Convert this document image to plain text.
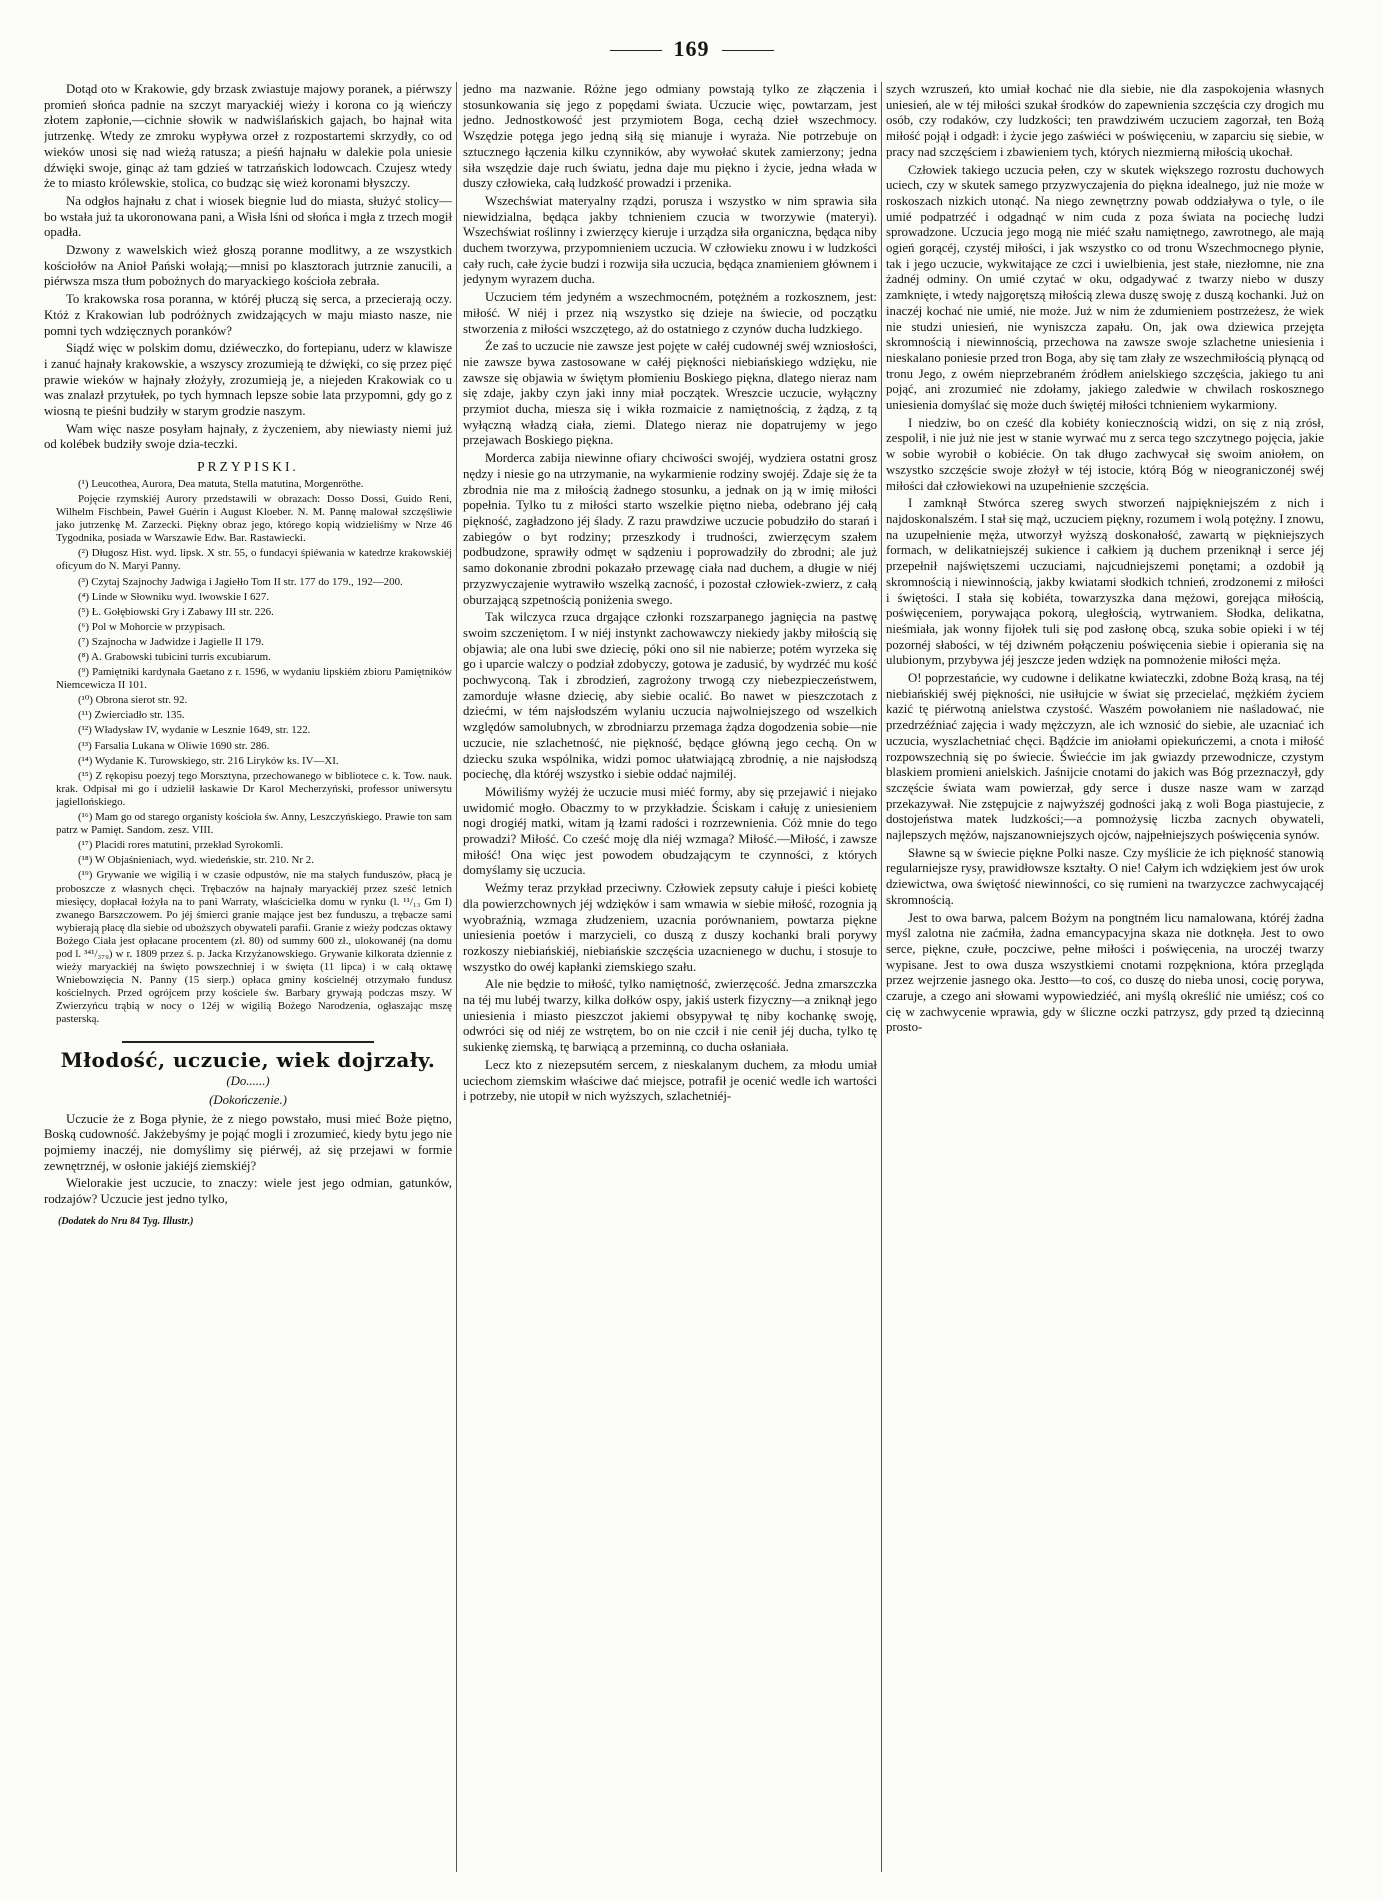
169

Dotąd oto w Krakowie, gdy brzask zwiastuje majowy poranek, a piérwszy promień słońca padnie na szczyt maryackiéj wieży i korona co ją wieńczy złotem zapłonie,—cichnie słowik w nadwiślańskich gajach, bo hajnał wita jutrzenkę. Wtedy ze zmroku wypływa orzeł z rozpostartemi skrzydły, co od wieków unosi się nad wieżą ratusza; a pieśń hajnału w dalekie pola uniesie dźwięki swoje, ginąc aż tam gdzieś w tatrzańskich lodowcach. Czujesz wtedy że to miasto królewskie, stolica, co budząc się wież koronami błyszczy.

Na odgłos hajnału z chat i wiosek biegnie lud do miasta, służyć stolicy—bo wstała już ta ukoronowana pani, a Wisła lśni od słońca i mgła z trzech mogił opadła.

Dzwony z wawelskich wież głoszą poranne modlitwy, a ze wszystkich kościołów na Anioł Pański wołają;—mnisi po klasztorach jutrznie zanucili, a piérwsza msza tłum pobożnych do maryackiego kościoła zebrała.

To krakowska rosa poranna, w któréj płuczą się serca, a przecierają oczy. Któż z Krakowian lub podróżnych zwidzających w maju miasto nasze, nie pomni tych wdzięcznych poranków?

Siądź więc w polskim domu, dziéweczko, do fortepianu, uderz w klawisze i zanuć hajnały krakowskie, a wszyscy zrozumieją te dźwięki, co się przez pięć prawie wieków w hajnały złożyły, zrozumieją je, a niejeden Krakowiak co u was znalazł przytułek, po tych hymnach lepsze sobie lata przypomni, gdy go z wiosną te pieśni budziły w starym grodzie naszym.

Wam więc nasze posyłam hajnały, z życzeniem, aby niewiasty niemi już od kolébek budziły swoje dzia-teczki.

PRZYPISKI.

(¹) Leucothea, Aurora, Dea matuta, Stella matutina, Morgenröthe.

Pojęcie rzymskiéj Aurory przedstawili w obrazach: Dosso Dossi, Guido Reni, Wilhelm Fischbein, Paweł Guérin i August Kloeber. N. M. Pannę malował szczęśliwie jako jutrzenkę M. Zarzecki. Piękny obraz jego, którego kopią widzieliśmy w Nrze 46 Tygodnika, posiada w Warszawie Edw. Bar. Rastawiecki.

(²) Długosz Hist. wyd. lipsk. X str. 55, o fundacyi śpiéwania w katedrze krakowskiéj oficyum do N. Maryi Panny.

(³) Czytaj Szajnochy Jadwiga i Jagiełło Tom II str. 177 do 179., 192—200.

(⁴) Linde w Słowniku wyd. lwowskie I 627.

(⁵) Ł. Gołębiowski Gry i Zabawy III str. 226.

(⁶) Pol w Mohorcie w przypisach.

(⁷) Szajnocha w Jadwidze i Jagielle II 179.

(⁸) A. Grabowski tubicini turris excubiarum.

(⁹) Pamiętniki kardynała Gaetano z r. 1596, w wydaniu lipskiém zbioru Pamiętników Niemcewicza II 101.

(¹⁰) Obrona sierot str. 92.

(¹¹) Zwierciadło str. 135.

(¹²) Władysław IV, wydanie w Lesznie 1649, str. 122.

(¹³) Farsalia Lukana w Oliwie 1690 str. 286.

(¹⁴) Wydanie K. Turowskiego, str. 216 Liryków ks. IV—XI.

(¹⁵) Z rękopisu poezyj tego Morsztyna, przechowanego w bibliotece c. k. Tow. nauk. krak. Odpisał mi go i udzielił łaskawie Dr Karol Mecherzyński, professor uniwersytu jagiellońskiego.

(¹⁶) Mam go od starego organisty kościoła św. Anny, Leszczyńskiego. Prawie ton sam patrz w Pamięt. Sandom. zesz. VIII.

(¹⁷) Placidi rores matutini, przekład Syrokomli.

(¹⁸) W Objaśnieniach, wyd. wiedeńskie, str. 210. Nr 2.

(¹⁹) Grywanie we wigilią i w czasie odpustów, nie ma stałych funduszów, płacą je proboszcze z własnych chęci. Trębaczów na hajnały maryackiéj przez sześć letnich miesięcy, dopłacał łożyła na to pani Warraty, właścicielka domu w rynku (l. ¹¹/₁₃ Gm I) zwanego Barszczowem. Po jéj śmierci granie mające jest bez funduszu, a trębacze sami wybierają płacę dla siebie od uboższych obywateli parafii. Granie z wieży podczas oktawy Bożego Ciała jest opłacane procentem (zł. 80) od summy 600 zł., ulokowanéj (na domu pod l. ³⁴¹/₃₇₉) w r. 1809 przez ś. p. Jacka Krzyżanowskiego. Grywanie kilkorata dziennie z wieży maryackiéj na święto powszechniej i w święta (11 lipca) i w całą oktawę Wniebowzięcia N. Panny (15 sierp.) opłaca gminy kościelnéj otrzymało fundusz kościelnych. Przed ogrójcem przy kościele św. Barbary grywają podczas mszy. W Zwierzyńcu trąbią w nocy o 12éj w wigilią Bożego Narodzenia, ogłaszając mszę pasterską.

Młodość, uczucie, wiek dojrzały.

(Do......)

(Dokończenie.)

Uczucie że z Boga płynie, że z niego powstało, musi mieć Boże piętno, Boską cudowność. Jakżebyśmy je pojąć mogli i zrozumieć, kiedy bytu jego nie pojmiemy inaczéj, nie domyślimy się piérwéj, aż się przejawi w formie zewnętrznéj, w osłonie jakiéjś ziemskiéj?

Wielorakie jest uczucie, to znaczy: wiele jest jego odmian, gatunków, rodzajów? Uczucie jest jedno tylko,

(Dodatek do Nru 84 Tyg. Illustr.)

jedno ma nazwanie. Różne jego odmiany powstają tylko ze złączenia i stosunkowania się jego z popędami świata. Uczucie więc, powtarzam, jest jedno. Jednostkowość jest przymiotem Boga, cechą dzieł wszechmocy. Wszędzie potęga jego jedną siłą się mianuje i wyraża. Nie potrzebuje on sztucznego łączenia kilku czynników, aby wywołać skutek zamierzony; jedna siła wszędzie daje ruch światu, jedna daje mu piękno i życie, jedna włada w duszy człowieka, całą ludzkość prowadzi i przenika.

Wszechświat materyalny rządzi, porusza i wszystko w nim sprawia siła niewidzialna, będąca jakby tchnieniem czucia w tworzywie (materyi). Wszechświat roślinny i zwierzęcy kieruje i urządza siła organiczna, będąca niby duchem tworzywa, przypomnieniem uczucia. W człowieku znowu i w ludzkości cały ruch, całe życie budzi i rozwija siła uczucia, będąca znamieniem głównem i jedynym wyrazem ducha.

Uczuciem tém jedyném a wszechmocném, potężném a rozkosznem, jest: miłość. W niéj i przez nią wszystko się dzieje na świecie, od początku stworzenia z miłości wszczętego, aż do ostatniego z czynów ducha ludzkiego.

Że zaś to uczucie nie zawsze jest pojęte w całéj cudownéj swéj wzniosłości, nie zawsze bywa zastosowane w całéj piękności niebiańskiego wdzięku, nie zawsze się objawia w świętym płomieniu Boskiego piękna, dlatego nieraz nam się zdaje, jakby czyn jaki inny miał początek. Wreszcie uczucie, wyłączny przymiot ducha, miesza się i wikła rozmaicie z namiętnością, z żądzą, z tą wyłączną władzą ciała, ziemi. Dlatego nieraz nie dopatrujemy w jego przejawach Boskiego piękna.

Morderca zabija niewinne ofiary chciwości swojéj, wydziera ostatni grosz nędzy i niesie go na utrzymanie, na wykarmienie rodziny swojéj. Zdaje się że ta zbrodnia nie ma z miłością żadnego stosunku, a jednak on ją w imię miłości popełnia. Tylko tu z miłości starto wszelkie piętno nieba, odebrano jéj całą piękność, zagładzono jéj ślady. Z razu prawdziwe uczucie pobudziło do starań i zabiegów o byt rodziny; przeszkody i trudności, zwierzęcym szałem podbudzone, sprawiły odmęt w sądzeniu i poprowadziły do zbrodni; ale już samo dokonanie zbrodni pokazało przewagę ciała nad duchem, a długie w niéj przyzwyczajenie wytrawiło wszelką zacność, i pozostał człowiek-zwierz, z całą oburzającą szpetnością poniżenia swego.

Tak wilczyca rzuca drgające członki rozszarpanego jagnięcia na pastwę swoim szczeniętom. I w niéj instynkt zachowawczy niekiedy jakby miłością się objawia; ale ona lubi swe dziecię, póki ono sil nie nabierze; potém wyrzeka się go i uparcie walczy o podział zdobyczy, gotowa je zadusić, by wydrzéć mu kość pochwyconą. Tak i zbrodzień, zagrożony trwogą czy niebezpieczeństwem, zamorduje własne dziecię, aby siebie ocalić. Bo nawet w pieszczotach z dziećmi, w tém najsłodszém wylaniu uczucia najwolniejszego od wszelkich względów samolubnych, w zbrodniarzu przemaga żądza dogodzenia sobie—nie uczucie, nie szlachetność, nie piękność, będące główną jego cechą. On w dziecku szuka wspólnika, widzi pomoc ułatwiającą zbrodnię, a nie najsłodszą pociechę, dla któréj wszystko i siebie oddać najmiléj.

Mówiliśmy wyżéj że uczucie musi miéć formy, aby się przejawić i niejako uwidomić mogło. Obaczmy to w przykładzie. Ściskam i całuję z uniesieniem nogi drogiéj matki, witam ją łzami radości i rozrzewnienia. Cóż mnie do tego prowadzi? Miłość. Co cześć moję dla niéj wzmaga? Miłość.—Miłość, i zawsze miłość! Ona więc jest powodem obudzającym te czynności, z których domyślamy się uczucia.

Weźmy teraz przykład przeciwny. Człowiek zepsuty całuje i pieści kobietę dla powierzchownych jéj wdzięków i sam wmawia w siebie miłość, rozognia ją wyobraźnią, wzmaga złudzeniem, uzacnia porównaniem, powtarza piękne uniesienia poetów i marzycieli, co duszą z duszy kochanki brali porywy rozkoszy niebiańskiéj, niebiańskie szczęścia uzacnienego w duchu, i stosuje to wszystko do owéj kapłanki ziemskiego szału.

Ale nie będzie to miłość, tylko namiętność, zwierzęcość. Jedna zmarszczka na téj mu lubéj twarzy, kilka dołków ospy, jakiś usterk fizyczny—a zniknął jego uniesienia i miasto pieszczot jakiemi obsypywał tę niby kochankę swoję, odwróci się od niéj ze wstrętem, bo on nie czcił i nie cenił jéj ducha, tylko tę sukienkę ziemską, tę barwiącą a przeminną, co ducha osłaniała.

Lecz kto z niezepsutém sercem, z nieskalanym duchem, za młodu umiał uciechom ziemskim właściwe dać miejsce, potrafił je ocenić wedle ich wartości i potrzeby, nie utopił w nich wyższych, szlachetniéj-

szych wzruszeń, kto umiał kochać nie dla siebie, nie dla zaspokojenia własnych uniesień, ale w téj miłości szukał środków do zapewnienia szczęścia czy drogich mu osób, czy rodaków, czy ludzkości; ten prawdziwém uczuciem zagorzał, ten Bożą miłość pojął i odgadł: i życie jego zaświéci w poświęceniu, w zaparciu się siebie, w pracy nad szczęściem i zbawieniem tych, których niezmierną miłością ukochał.

Człowiek takiego uczucia pełen, czy w skutek większego rozrostu duchowych uciech, czy w skutek samego przyzwyczajenia do piękna idealnego, już nie może w roskoszach nizkich utonąć. Na niego zewnętrzny powab oddziaływa o tyle, o ile umié podpatrzéć i odgadnąć w nim cuda z poza świata na pociechę ludzi sprowadzone. Uczucia jego mogą nie miéć szału namiętnego, zawrotnego, ale mają ogień gorącéj, czystéj miłości, i jak wszystko co od tronu Wszechmocnego płynie, tak i jego uczucie, wykwitające ze czci i uwielbienia, jest stałe, niezłomne, nie zna żadnéj odminy. On umié czytać w oku, odgadywać z twarzy niebo w duszy zamknięte, i wtedy najgorętszą miłością zlewa duszę swoję z duszą kochanki. Już on inaczéj kochać nie umié, nie może. Już w nim że zdumieniem postrzeżesz, że wiek nie studzi uniesień, nie wyniszcza zapału. On, jak owa dziewica przejęta skromnością i niewinnością, przechowa na zawsze swoje szlachetne uniesienia i nieskalano poniesie przed tron Boga, aby się tam złały ze wszechmiłością płynącą od tronu Jego, z owém nieprzebraném źródłem anielskiego szczęścia, jakiego tu ani pojąć, ani zrozumieć nie zdołamy, jakiego zaledwie w chwilach roskosznego uniesienia domyślać się może duch świętéj miłości tchnieniem wykarmiony.

I niedziw, bo on cześć dla kobiéty koniecznością widzi, on się z nią zrósł, zespolił, i nie już nie jest w stanie wyrwać mu z serca tego szczytnego pojęcia, jakie w sobie wyrobił o kobiécie. On tak długo zachwycał się swoim aniołem, on wszystko szczęście swoje złożył w téj istocie, którą Bóg w nieograniczonéj swéj miłości dał człowiekowi na uzupełnienie szczęścia.

I zamknął Stwórca szereg swych stworzeń najpiękniejszém z nich i najdoskonalszém. I stał się mąż, uczuciem piękny, rozumem i wolą potężny. I znowu, na uzupełnienie męża, utworzył wyższą doskonałość, zawartą w piękniejszych formach, w delikatniejszéj sukience i całkiem ją duchem przeniknął i serce jéj przepełnił najświętszemi uczuciami, najcudniejszemi ponętami; a ozdobił ją skromnością i niewinnością, jakby kwiatami słodkich tchnień, zrodzonemi z miłości i świętości. I stała się kobiéta, towarzyszka dana mężowi, gorejąca miłością, poświęceniem, porywająca pokorą, uległością, wytrwaniem. Słodka, delikatna, nieśmiała, jak wonny fijołek tuli się pod zasłonę obcą, szuka sobie opieki i w téj pozornéj słabości, w téj dziwném połączeniu poświęcenia siebie i opierania się na ulubionym, przybywa jéj jeszcze jeden wdzięk na pomnożenie miłości męża.

O! poprzestańcie, wy cudowne i delikatne kwiateczki, zdobne Bożą krasą, na téj niebiańskiéj swéj piękności, nie usiłujcie w świat się przecielać, mężkiém życiem kazić tę piérwotną anielstwa czystość. Waszém powołaniem nie naśladować, nie przedrzéźniać zajęcia i wady mężczyzn, ale ich wznosić do siebie, ale uzacniać ich uczucia, wyszlachetniać chęci. Bądźcie im aniołami opiekuńczemi, a cnota i miłość rozpowszechnią się po świecie. Świećcie im jak gwiazdy przewodnicze, czystym blaskiem promieni anielskich. Jaśnijcie cnotami do jakich was Bóg przeznaczył, gdy szczęście świata wam powierzał, gdy serce i dusze nasze wam w zarząd przekazywał. Nie zstępujcie z najwyższéj godności jaką z woli Boga piastujecie, z dostojeństwa matek ludzkości;—a pomnożysię liczba zacnych obywateli, najlepszych mężów, najszanowniejszych ojców, najpełniejszych poświęcenia synów.

Sławne są w świecie piękne Polki nasze. Czy myślicie że ich piękność stanowią regularniejsze rysy, prawidłowsze kształty. O nie! Całym ich wdziękiem jest ów urok dziewictwa, owa świętość niewinności, co się rumieni na twarzyczce zachwycającéj skromnością.

Jest to owa barwa, palcem Bożym na pongtném licu namalowana, któréj żadna myśl zalotna nie zaćmiła, żadna emancypacyjna skaza nie dotknęła. Jest to owo serce, piękne, czułe, poczciwe, pełne miłości i poświęcenia, na uroczéj twarzy wypisane. Jest to owa dusza wszystkiemi cnotami rozpękniona, która przegląda przez wejrzenie jasnego oka. Jestto—to coś, co duszę do nieba unosi, cocię porywa, czaruje, a czego ani słowami wypowiedziéć, ani myślą określić nie umiész; coś co cię w zachwycenie wprawia, gdy w śliczne oczki patrzysz, gdy przed tą dziecinną prosto-
